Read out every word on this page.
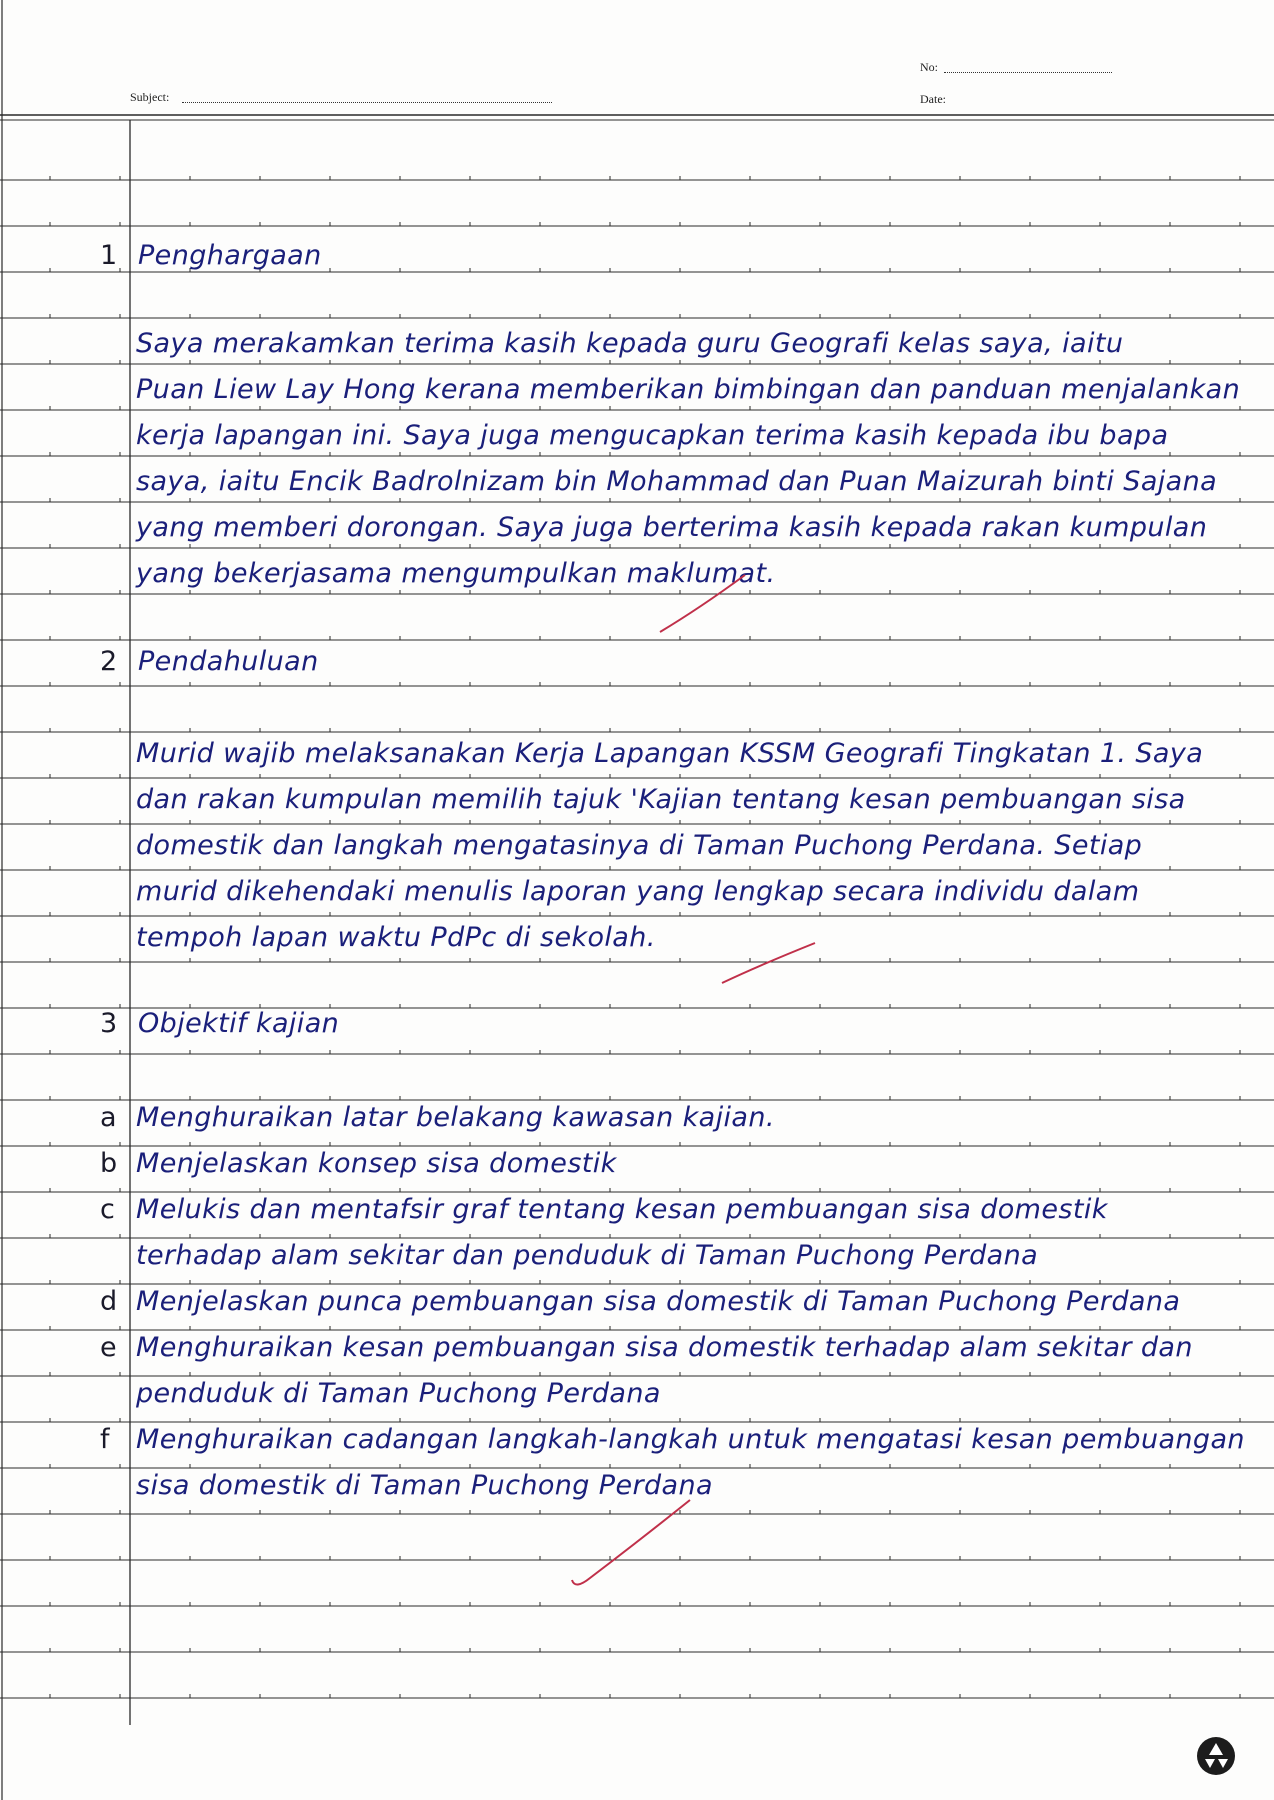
No:
Date:
Subject:
1 Penghargaan
Saya merakamkan terima kasih kepada guru Geografi kelas saya, iaitu
Puan Liew Lay Hong kerana memberikan bimbingan dan panduan menjalankan
kerja lapangan ini. Saya juga mengucapkan terima kasih kepada ibu bapa
saya, iaitu Encik Badrolnizam bin Mohammad dan Puan Maizurah binti Sajana
yang memberi dorongan. Saya juga berterima kasih kepada rakan kumpulan
yang bekerjasama mengumpulkan maklumat.
2 Pendahuluan
Murid wajib melaksanakan Kerja Lapangan KSSM Geografi Tingkatan 1. Saya
dan rakan kumpulan memilih tajuk 'Kajian tentang kesan pembuangan sisa
domestik dan langkah mengatasinya di Taman Puchong Perdana. Setiap
murid dikehendaki menulis laporan yang lengkap secara individu dalam
tempoh lapan waktu PdPc di sekolah.
3 Objektif kajian
a Menghuraikan latar belakang kawasan kajian.
b Menjelaskan konsep sisa domestik
c Melukis dan mentafsir graf tentang kesan pembuangan sisa domestik
terhadap alam sekitar dan penduduk di Taman Puchong Perdana
d Menjelaskan punca pembuangan sisa domestik di Taman Puchong Perdana
e Menghuraikan kesan pembuangan sisa domestik terhadap alam sekitar dan
penduduk di Taman Puchong Perdana
f Menghuraikan cadangan langkah-langkah untuk mengatasi kesan pembuangan
sisa domestik di Taman Puchong Perdana
